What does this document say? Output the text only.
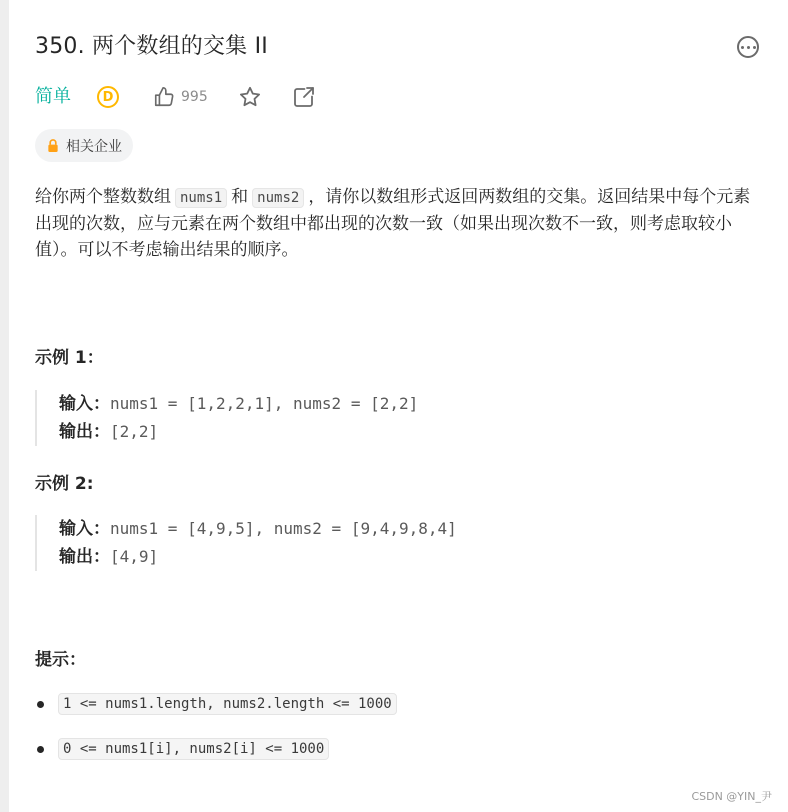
350. 两个数组的交集 II
简单	D	995
相关企业
给你两个整数数组 nums1 和 nums2 ，请你以数组形式返回两数组的交集。返回结果中每个元素出现的次数，应与元素在两个数组中都出现的次数一致（如果出现次数不一致，则考虑取较小值）。可以不考虑输出结果的顺序。
示例 1：
输入：nums1 = [1,2,2,1], nums2 = [2,2]
输出：[2,2]
示例 2:
输入：nums1 = [4,9,5], nums2 = [9,4,9,8,4]
输出：[4,9]
提示：
1 <= nums1.length, nums2.length <= 1000
0 <= nums1[i], nums2[i] <= 1000
CSDN @YIN_尹
